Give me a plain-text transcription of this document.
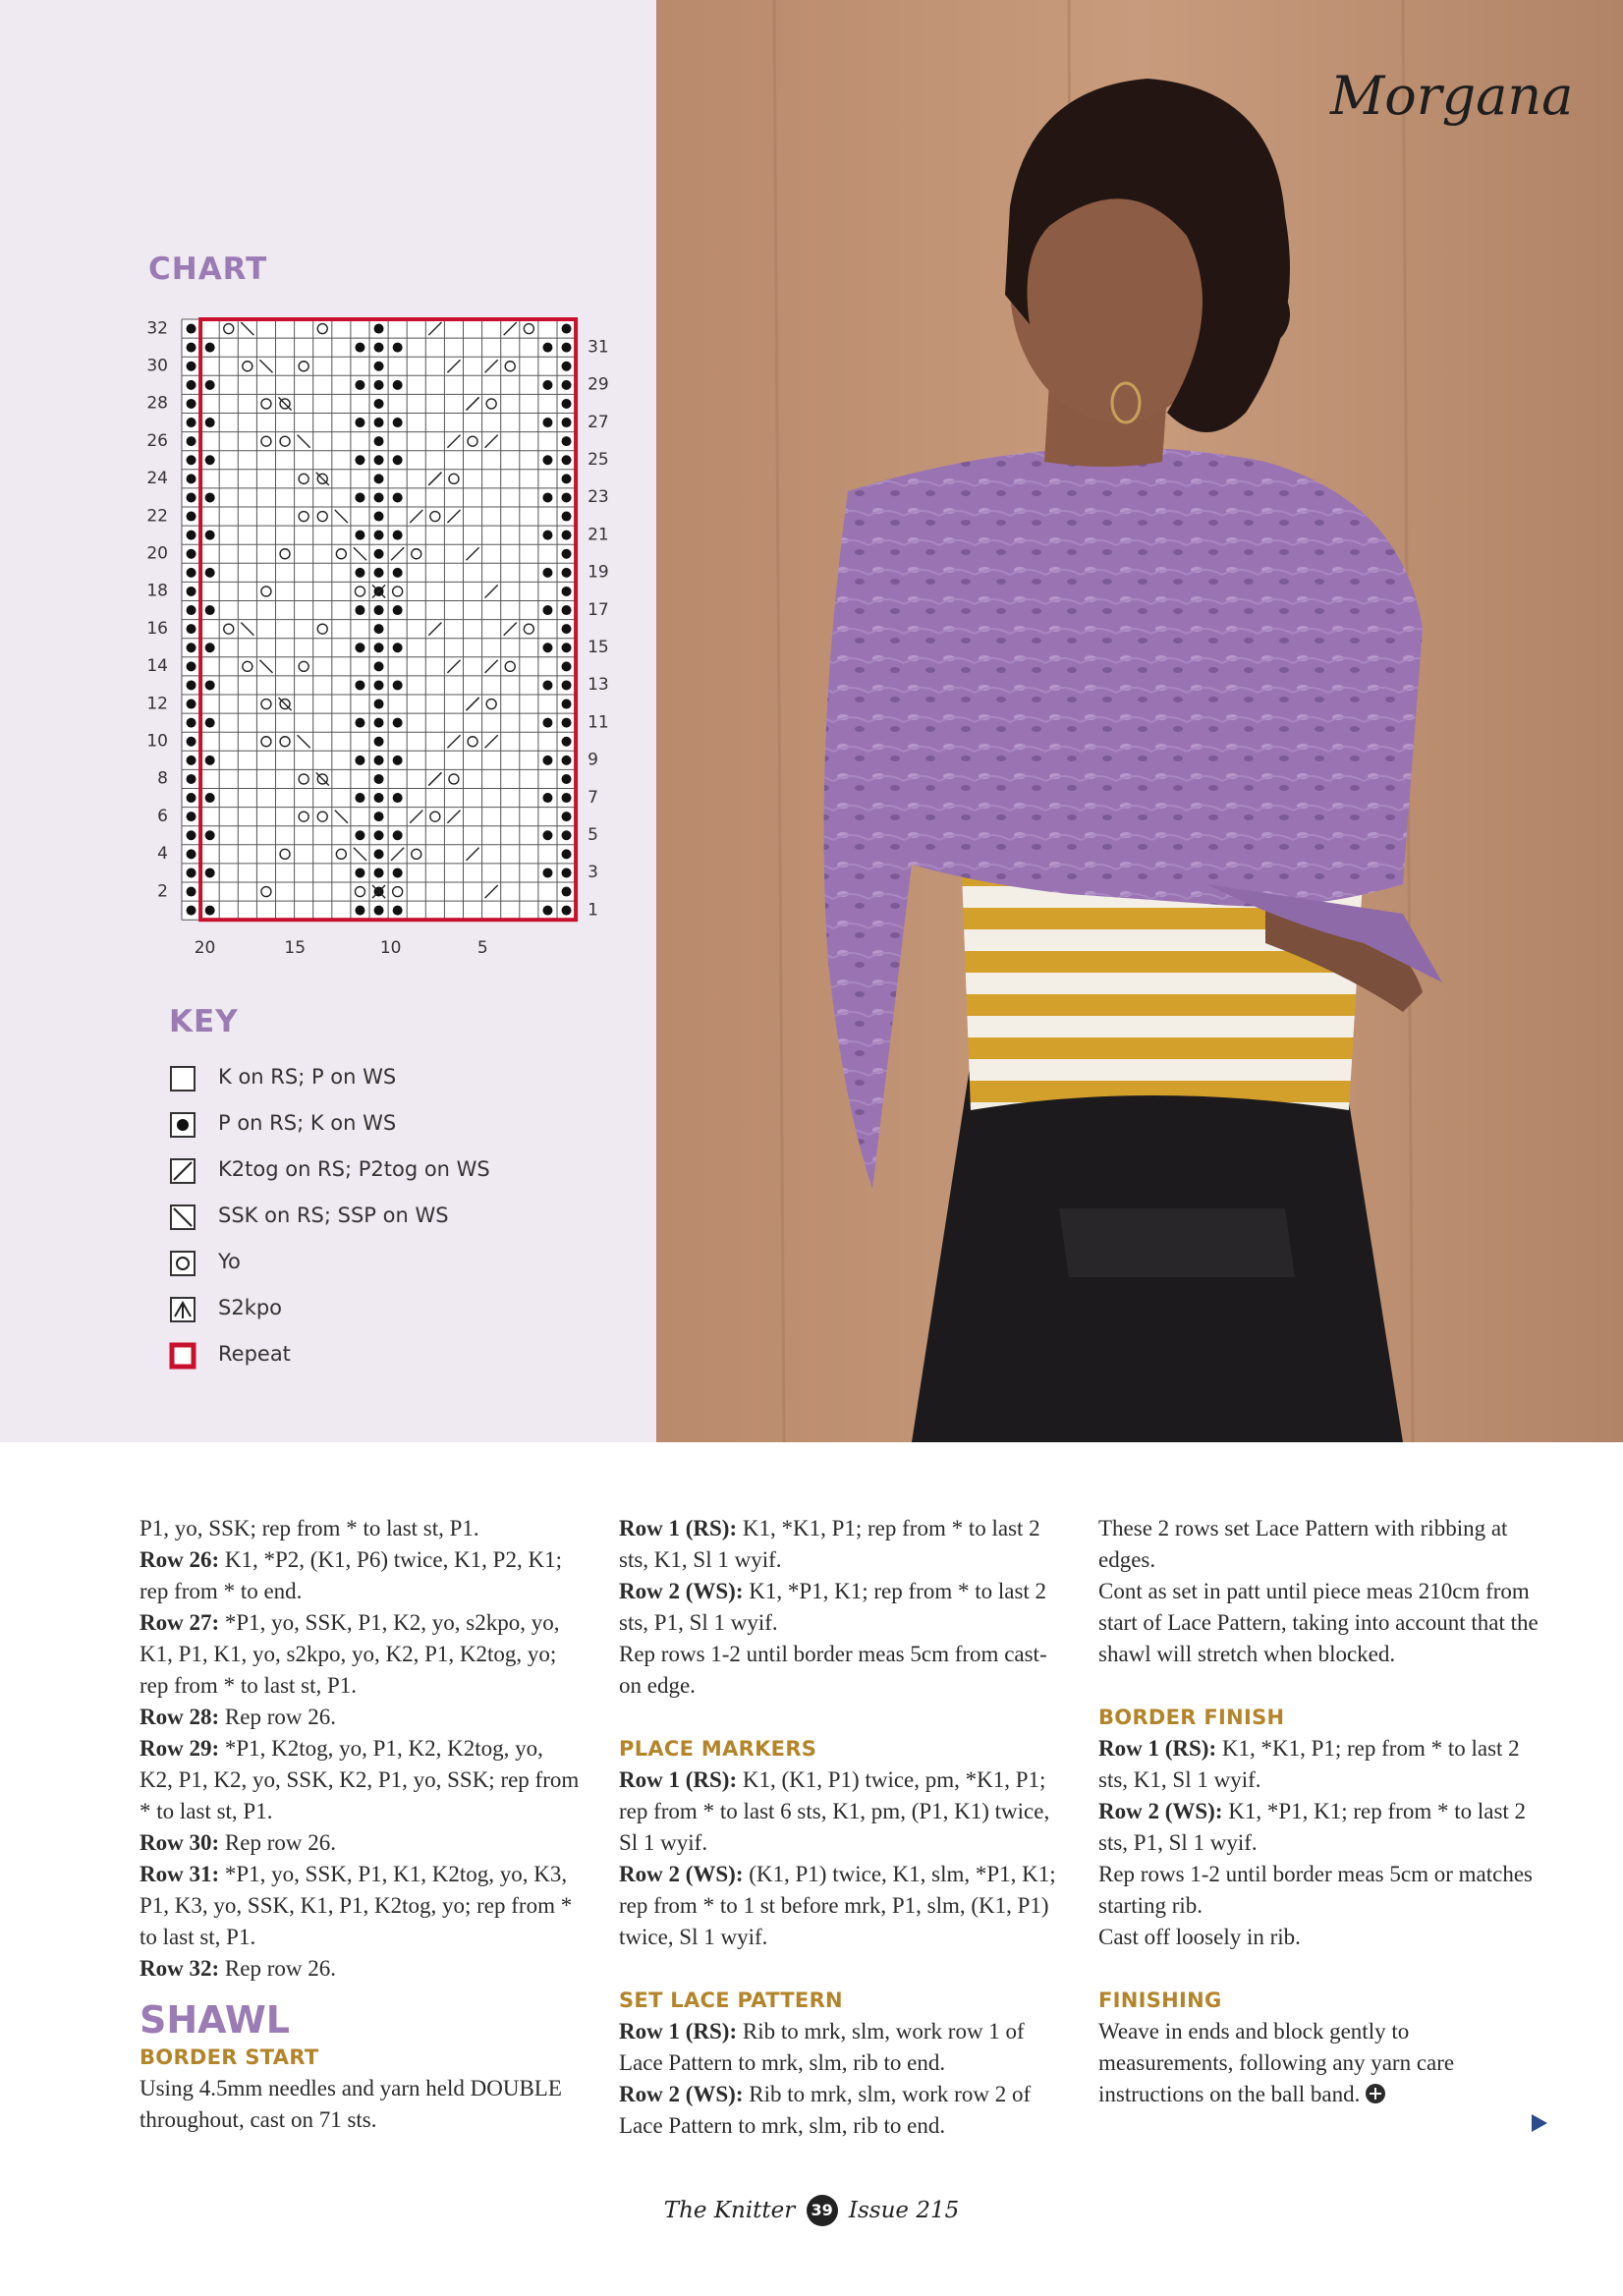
CHART
32
30
28
26
24
22
20
18
16
14
12
10
8
6
4
2
31
29
27
25
23
21
19
17
15
13
11
9
7
5
3
1
20	15	10	5
KEY
K on RS; P on WS
P on RS; K on WS
K2tog on RS; P2tog on WS
SSK on RS; SSP on WS
Yo
S2kpo
Repeat
Morgana

P1, yo, SSK; rep from * to last st, P1.

Row 26: K1, *P2, (K1, P6) twice, K1, P2, K1; rep from * to end.

Row 27: *P1, yo, SSK, P1, K2, yo, s2kpo, yo, K1, P1, K1, yo, s2kpo, yo, K2, P1, K2tog, yo; rep from * to last st, P1.

Row 28: Rep row 26.

Row 29: *P1, K2tog, yo, P1, K2, K2tog, yo, K2, P1, K2, yo, SSK, K2, P1, yo, SSK; rep from * to last st, P1.

Row 30: Rep row 26.

Row 31: *P1, yo, SSK, P1, K1, K2tog, yo, K3, P1, K3, yo, SSK, K1, P1, K2tog, yo; rep from * to last st, P1.

Row 32: Rep row 26.

SHAWL
BORDER START

Using 4.5mm needles and yarn held DOUBLE throughout, cast on 71 sts.

Row 1 (RS): K1, *K1, P1; rep from * to last 2 sts, K1, Sl 1 wyif.

Row 2 (WS): K1, *P1, K1; rep from * to last 2 sts, P1, Sl 1 wyif.

Rep rows 1-2 until border meas 5cm from cast-on edge.

PLACE MARKERS

Row 1 (RS): K1, (K1, P1) twice, pm, *K1, P1; rep from * to last 6 sts, K1, pm, (P1, K1) twice, Sl 1 wyif.

Row 2 (WS): (K1, P1) twice, K1, slm, *P1, K1; rep from * to 1 st before mrk, P1, slm, (K1, P1) twice, Sl 1 wyif.

SET LACE PATTERN

Row 1 (RS): Rib to mrk, slm, work row 1 of Lace Pattern to mrk, slm, rib to end.

Row 2 (WS): Rib to mrk, slm, work row 2 of Lace Pattern to mrk, slm, rib to end.

These 2 rows set Lace Pattern with ribbing at edges.

Cont as set in patt until piece meas 210cm from start of Lace Pattern, taking into account that the shawl will stretch when blocked.

BORDER FINISH

Row 1 (RS): K1, *K1, P1; rep from * to last 2 sts, K1, Sl 1 wyif.

Row 2 (WS): K1, *P1, K1; rep from * to last 2 sts, P1, Sl 1 wyif.

Rep rows 1-2 until border meas 5cm or matches starting rib.

Cast off loosely in rib.

FINISHING

Weave in ends and block gently to measurements, following any yarn care instructions on the ball band.

The Knitter 39 Issue 215
